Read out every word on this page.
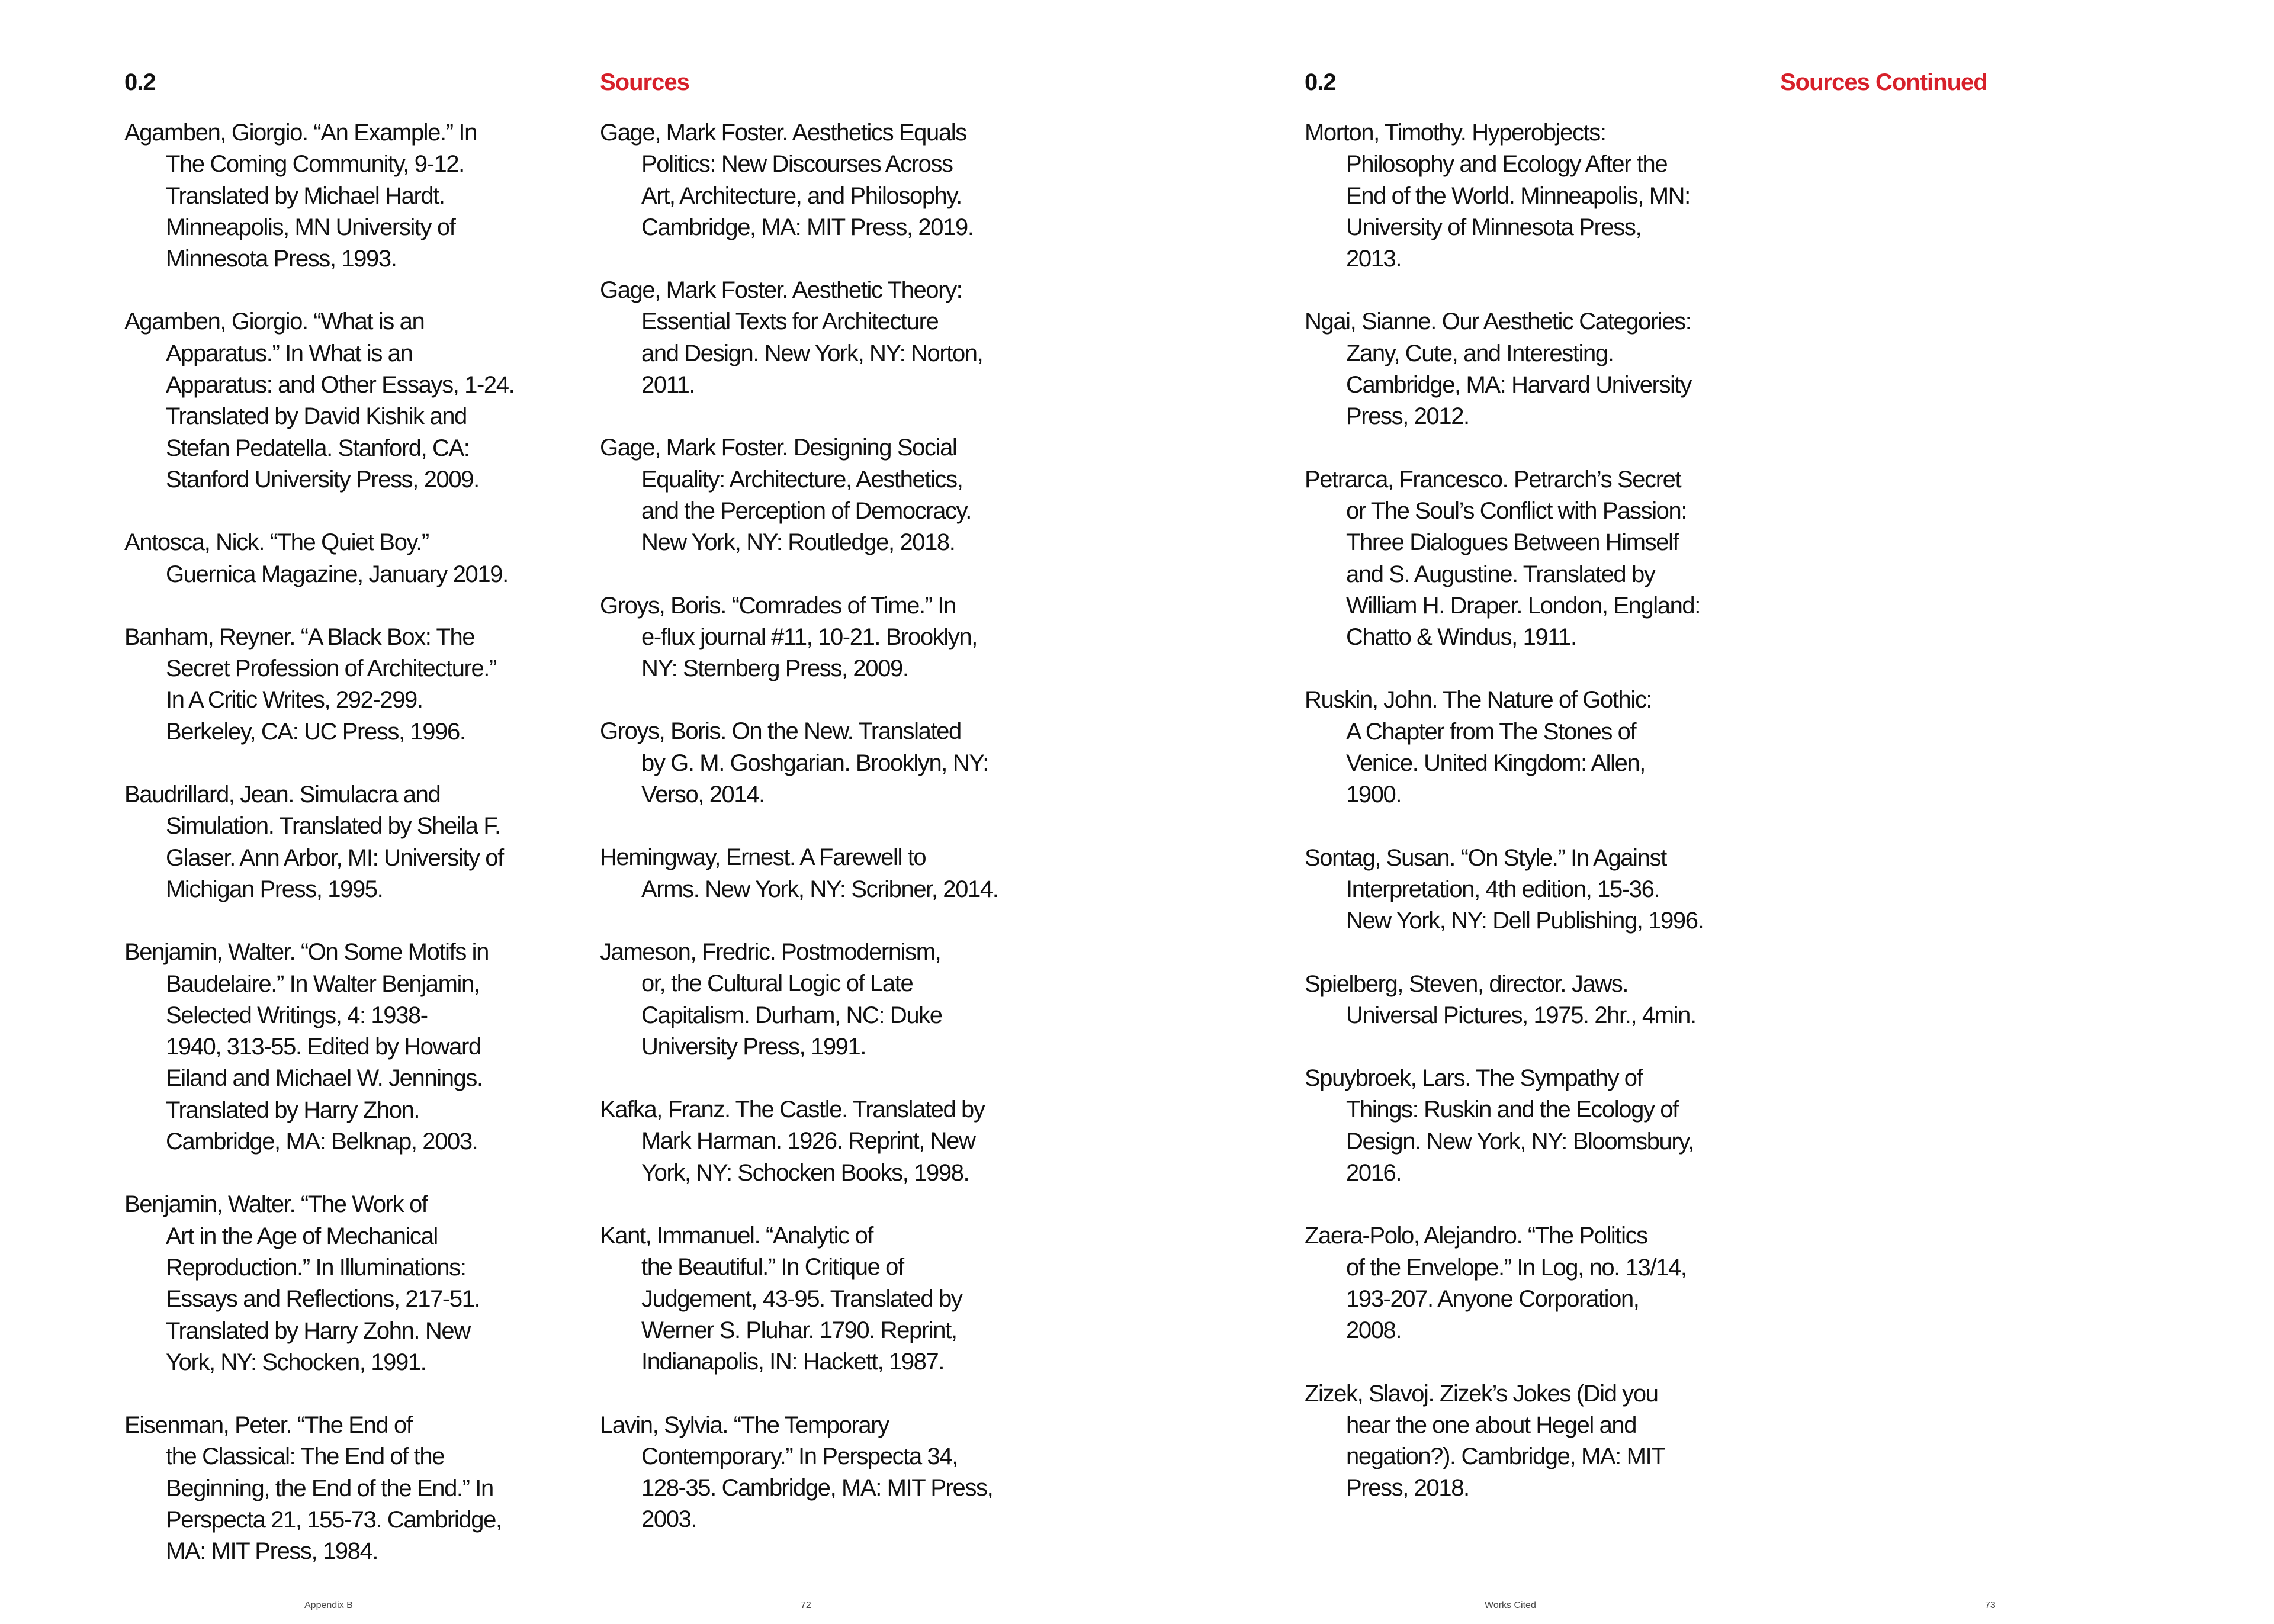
0.2	Sources
Agamben, Giorgio. “An Example.” In
The Coming Community, 9-12.
Translated by Michael Hardt.
Minneapolis, MN University of
Minnesota Press, 1993.
Agamben, Giorgio. “What is an
Apparatus.” In What is an
Apparatus: and Other Essays, 1-24.
Translated by David Kishik and
Stefan Pedatella. Stanford, CA:
Stanford University Press, 2009.
Antosca, Nick. “The Quiet Boy.”
Guernica Magazine, January 2019.
Banham, Reyner. “A Black Box: The
Secret Profession of Architecture.”
In A Critic Writes, 292-299.
Berkeley, CA: UC Press, 1996.
Baudrillard, Jean. Simulacra and
Simulation. Translated by Sheila F.
Glaser. Ann Arbor, MI: University of
Michigan Press, 1995.
Benjamin, Walter. “On Some Motifs in
Baudelaire.” In Walter Benjamin,
Selected Writings, 4: 1938-
1940, 313-55. Edited by Howard
Eiland and Michael W. Jennings.
Translated by Harry Zhon.
Cambridge, MA: Belknap, 2003.
Benjamin, Walter. “The Work of
Art in the Age of Mechanical
Reproduction.” In Illuminations:
Essays and Reflections, 217-51.
Translated by Harry Zohn. New
York, NY: Schocken, 1991.
Eisenman, Peter. “The End of
the Classical: The End of the
Beginning, the End of the End.” In
Perspecta 21, 155-73. Cambridge,
MA: MIT Press, 1984.
Gage, Mark Foster. Aesthetics Equals
Politics: New Discourses Across
Art, Architecture, and Philosophy.
Cambridge, MA: MIT Press, 2019.
Gage, Mark Foster. Aesthetic Theory:
Essential Texts for Architecture
and Design. New York, NY: Norton,
2011.
Gage, Mark Foster. Designing Social
Equality: Architecture, Aesthetics,
and the Perception of Democracy.
New York, NY: Routledge, 2018.
Groys, Boris. “Comrades of Time.” In
e-flux journal #11, 10-21. Brooklyn,
NY: Sternberg Press, 2009.
Groys, Boris. On the New. Translated
by G. M. Goshgarian. Brooklyn, NY:
Verso, 2014.
Hemingway, Ernest. A Farewell to
Arms. New York, NY: Scribner, 2014.
Jameson, Fredric. Postmodernism,
or, the Cultural Logic of Late
Capitalism. Durham, NC: Duke
University Press, 1991.
Kafka, Franz. The Castle. Translated by
Mark Harman. 1926. Reprint, New
York, NY: Schocken Books, 1998.
Kant, Immanuel. “Analytic of
the Beautiful.” In Critique of
Judgement, 43-95. Translated by
Werner S. Pluhar. 1790. Reprint,
Indianapolis, IN: Hackett, 1987.
Lavin, Sylvia. “The Temporary
Contemporary.” In Perspecta 34,
128-35. Cambridge, MA: MIT Press,
2003.

Appendix B	72

0.2	Sources Continued
Morton, Timothy. Hyperobjects:
Philosophy and Ecology After the
End of the World. Minneapolis, MN:
University of Minnesota Press,
2013.
Ngai, Sianne. Our Aesthetic Categories:
Zany, Cute, and Interesting.
Cambridge, MA: Harvard University
Press, 2012.
Petrarca, Francesco. Petrarch’s Secret
or The Soul’s Conflict with Passion:
Three Dialogues Between Himself
and S. Augustine. Translated by
William H. Draper. London, England:
Chatto & Windus, 1911.
Ruskin, John. The Nature of Gothic:
A Chapter from The Stones of
Venice. United Kingdom: Allen,
1900.
Sontag, Susan. “On Style.” In Against
Interpretation, 4th edition, 15-36.
New York, NY: Dell Publishing, 1996.
Spielberg, Steven, director. Jaws.
Universal Pictures, 1975. 2hr., 4min.
Spuybroek, Lars. The Sympathy of
Things: Ruskin and the Ecology of
Design. New York, NY: Bloomsbury,
2016.
Zaera-Polo, Alejandro. “The Politics
of the Envelope.” In Log, no. 13/14,
193-207. Anyone Corporation,
2008.
Zizek, Slavoj. Zizek’s Jokes (Did you
hear the one about Hegel and
negation?). Cambridge, MA: MIT
Press, 2018.

Works Cited	73
